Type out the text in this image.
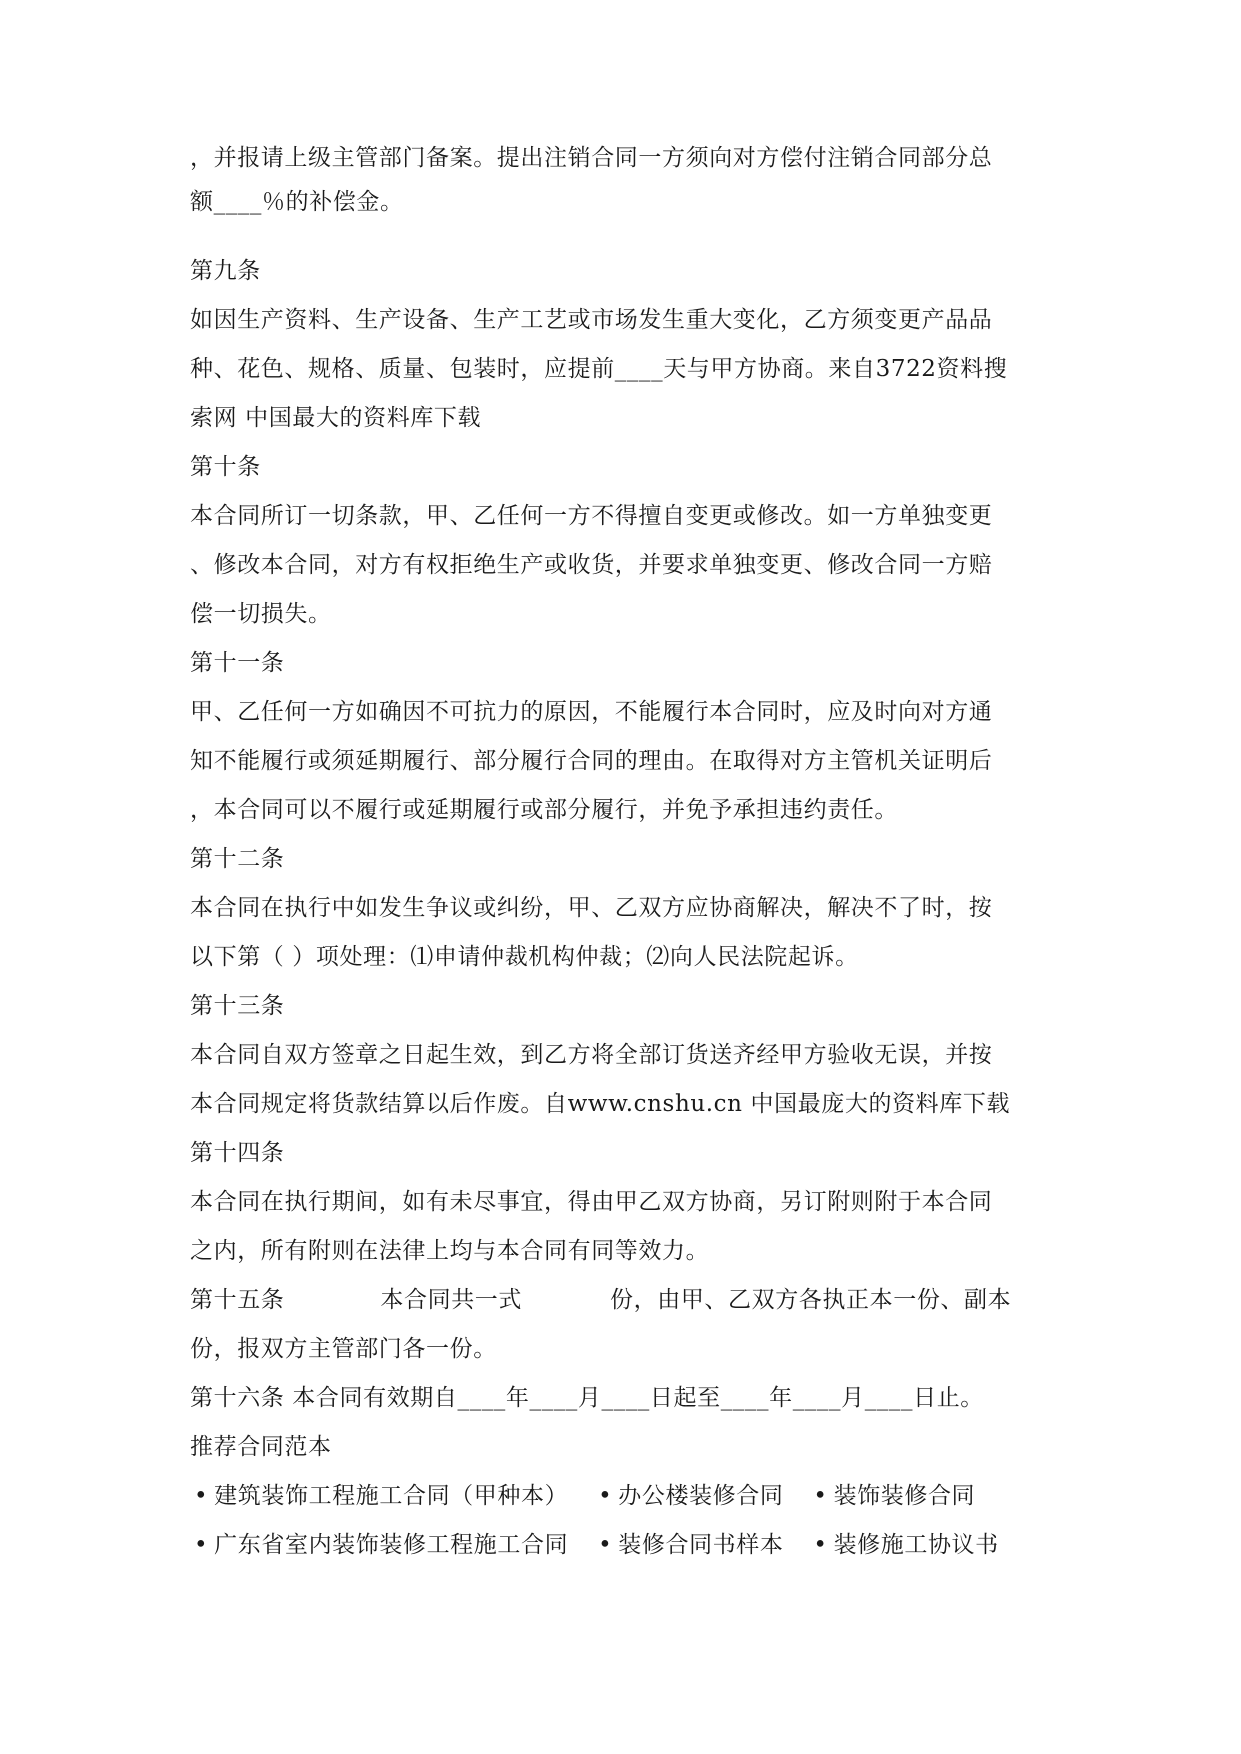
，并报请上级主管部门备案。提出注销合同一方须向对方偿付注销合同部分总
额____％的补偿金。
第九条
如因生产资料、生产设备、生产工艺或市场发生重大变化，乙方须变更产品品
种、花色、规格、质量、包装时，应提前____天与甲方协商。来自3722资料搜
索网 中国最大的资料库下载
第十条
本合同所订一切条款，甲、乙任何一方不得擅自变更或修改。如一方单独变更
、修改本合同，对方有权拒绝生产或收货，并要求单独变更、修改合同一方赔
偿一切损失。
第十一条
甲、乙任何一方如确因不可抗力的原因，不能履行本合同时，应及时向对方通
知不能履行或须延期履行、部分履行合同的理由。在取得对方主管机关证明后
，本合同可以不履行或延期履行或部分履行，并免予承担违约责任。
第十二条
本合同在执行中如发生争议或纠纷，甲、乙双方应协商解决，解决不了时，按
以下第（ ）项处理：⑴申请仲裁机构仲裁；⑵向人民法院起诉。
第十三条
本合同自双方签章之日起生效，到乙方将全部订货送齐经甲方验收无误，并按
本合同规定将货款结算以后作废。自www.cnshu.cn 中国最庞大的资料库下载
第十四条
本合同在执行期间，如有未尽事宜，得由甲乙双方协商，另订附则附于本合同
之内，所有附则在法律上均与本合同有同等效力。
第十五条	本合同共一式	份，由甲、乙双方各执正本一份、副本
份，报双方主管部门各一份。
第十六条 本合同有效期自____年____月____日起至____年____月____日止。
推荐合同范本
• 建筑装饰工程施工合同（甲种本） • 办公楼装修合同 • 装饰装修合同
• 广东省室内装饰装修工程施工合同 • 装修合同书样本 • 装修施工协议书
